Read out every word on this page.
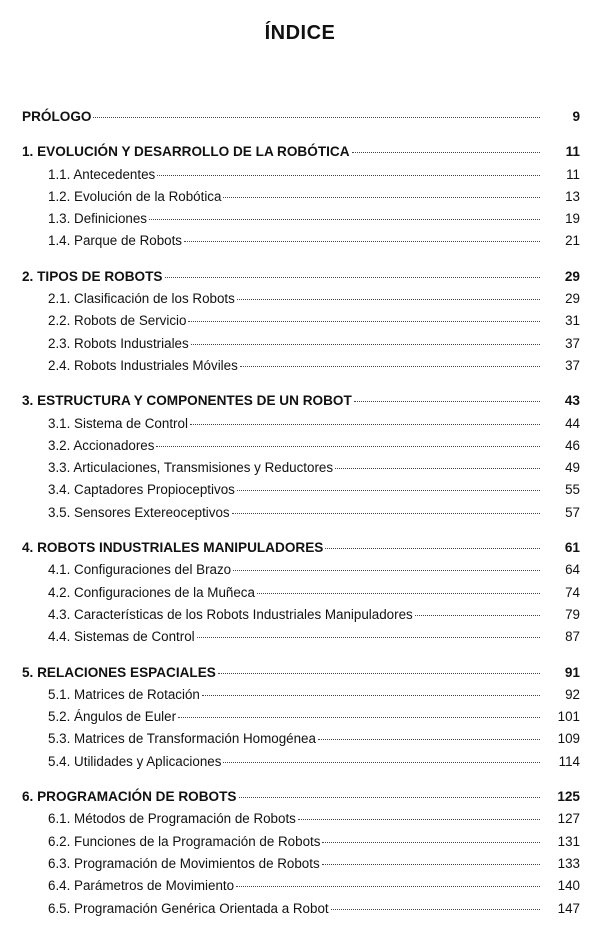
ÍNDICE
PRÓLOGO	9
1. EVOLUCIÓN Y DESARROLLO DE LA ROBÓTICA	11
1.1. Antecedentes	11
1.2. Evolución de la Robótica	13
1.3. Definiciones	19
1.4. Parque de Robots	21
2. TIPOS DE ROBOTS	29
2.1. Clasificación de los Robots	29
2.2. Robots de Servicio	31
2.3. Robots Industriales	37
2.4. Robots Industriales Móviles	37
3. ESTRUCTURA Y COMPONENTES DE UN ROBOT	43
3.1. Sistema de Control	44
3.2. Accionadores	46
3.3. Articulaciones, Transmisiones y Reductores	49
3.4. Captadores Propioceptivos	55
3.5. Sensores Extereoceptivos	57
4. ROBOTS INDUSTRIALES MANIPULADORES	61
4.1. Configuraciones del Brazo	64
4.2. Configuraciones de la Muñeca	74
4.3. Características de los Robots Industriales Manipuladores	79
4.4. Sistemas de Control	87
5. RELACIONES ESPACIALES	91
5.1. Matrices de Rotación	92
5.2. Ángulos de Euler	101
5.3. Matrices de Transformación Homogénea	109
5.4. Utilidades y Aplicaciones	114
6. PROGRAMACIÓN DE ROBOTS	125
6.1. Métodos de Programación de Robots	127
6.2. Funciones de la Programación de Robots	131
6.3. Programación de Movimientos de Robots	133
6.4. Parámetros de Movimiento	140
6.5. Programación Genérica Orientada a Robot	147
